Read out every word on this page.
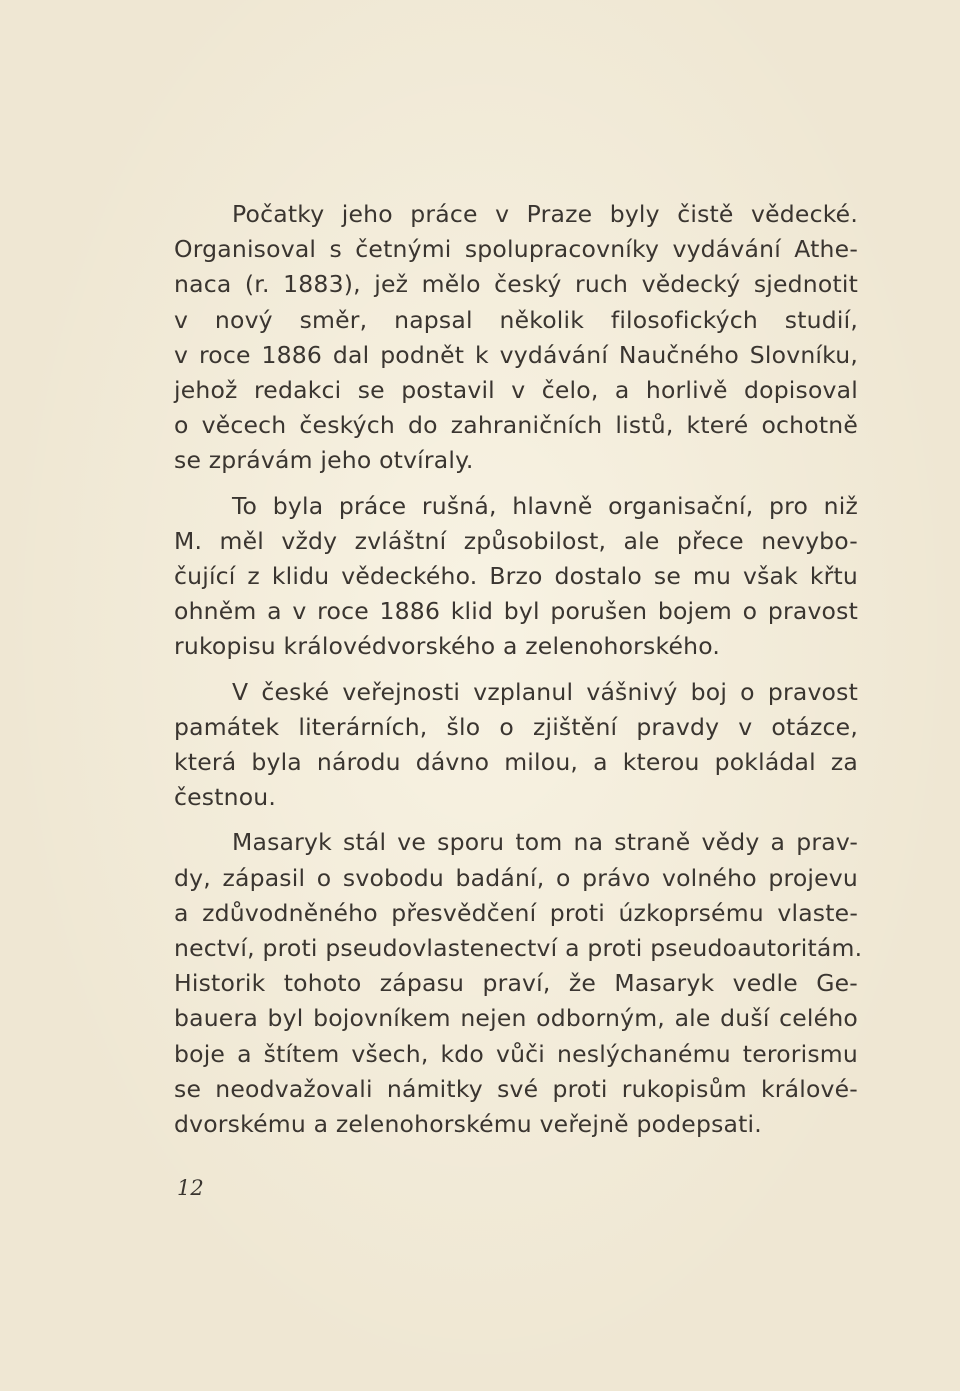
Počatky jeho práce v Praze byly čistě vědecké.
Organisoval s četnými spolupracovníky vydávání Athe-
naca (r. 1883), jež mělo český ruch vědecký sjednotit
v nový směr, napsal několik filosofických studií,
v roce 1886 dal podnět k vydávání Naučného Slovníku,
jehož redakci se postavil v čelo, a horlivě dopisoval
o věcech českých do zahraničních listů, které ochotně
se zprávám jeho otvíraly.

To byla práce rušná, hlavně organisační, pro niž
M. měl vždy zvláštní způsobilost, ale přece nevybo-
čující z klidu vědeckého. Brzo dostalo se mu však křtu
ohněm a v roce 1886 klid byl porušen bojem o pravost
rukopisu královédvorského a zelenohorského.

V české veřejnosti vzplanul vášnivý boj o pravost
památek literárních, šlo o zjištění pravdy v otázce,
která byla národu dávno milou, a kterou pokládal za
čestnou.

Masaryk stál ve sporu tom na straně vědy a prav-
dy, zápasil o svobodu badání, o právo volného projevu
a zdůvodněného přesvědčení proti úzkoprsému vlaste-
nectví, proti pseudovlastenectví a proti pseudoautoritám.
Historik tohoto zápasu praví, že Masaryk vedle Ge-
bauera byl bojovníkem nejen odborným, ale duší celého
boje a štítem všech, kdo vůči neslýchanému terorismu
se neodvažovali námitky své proti rukopisům králové-
dvorskému a zelenohorskému veřejně podepsati.

12
